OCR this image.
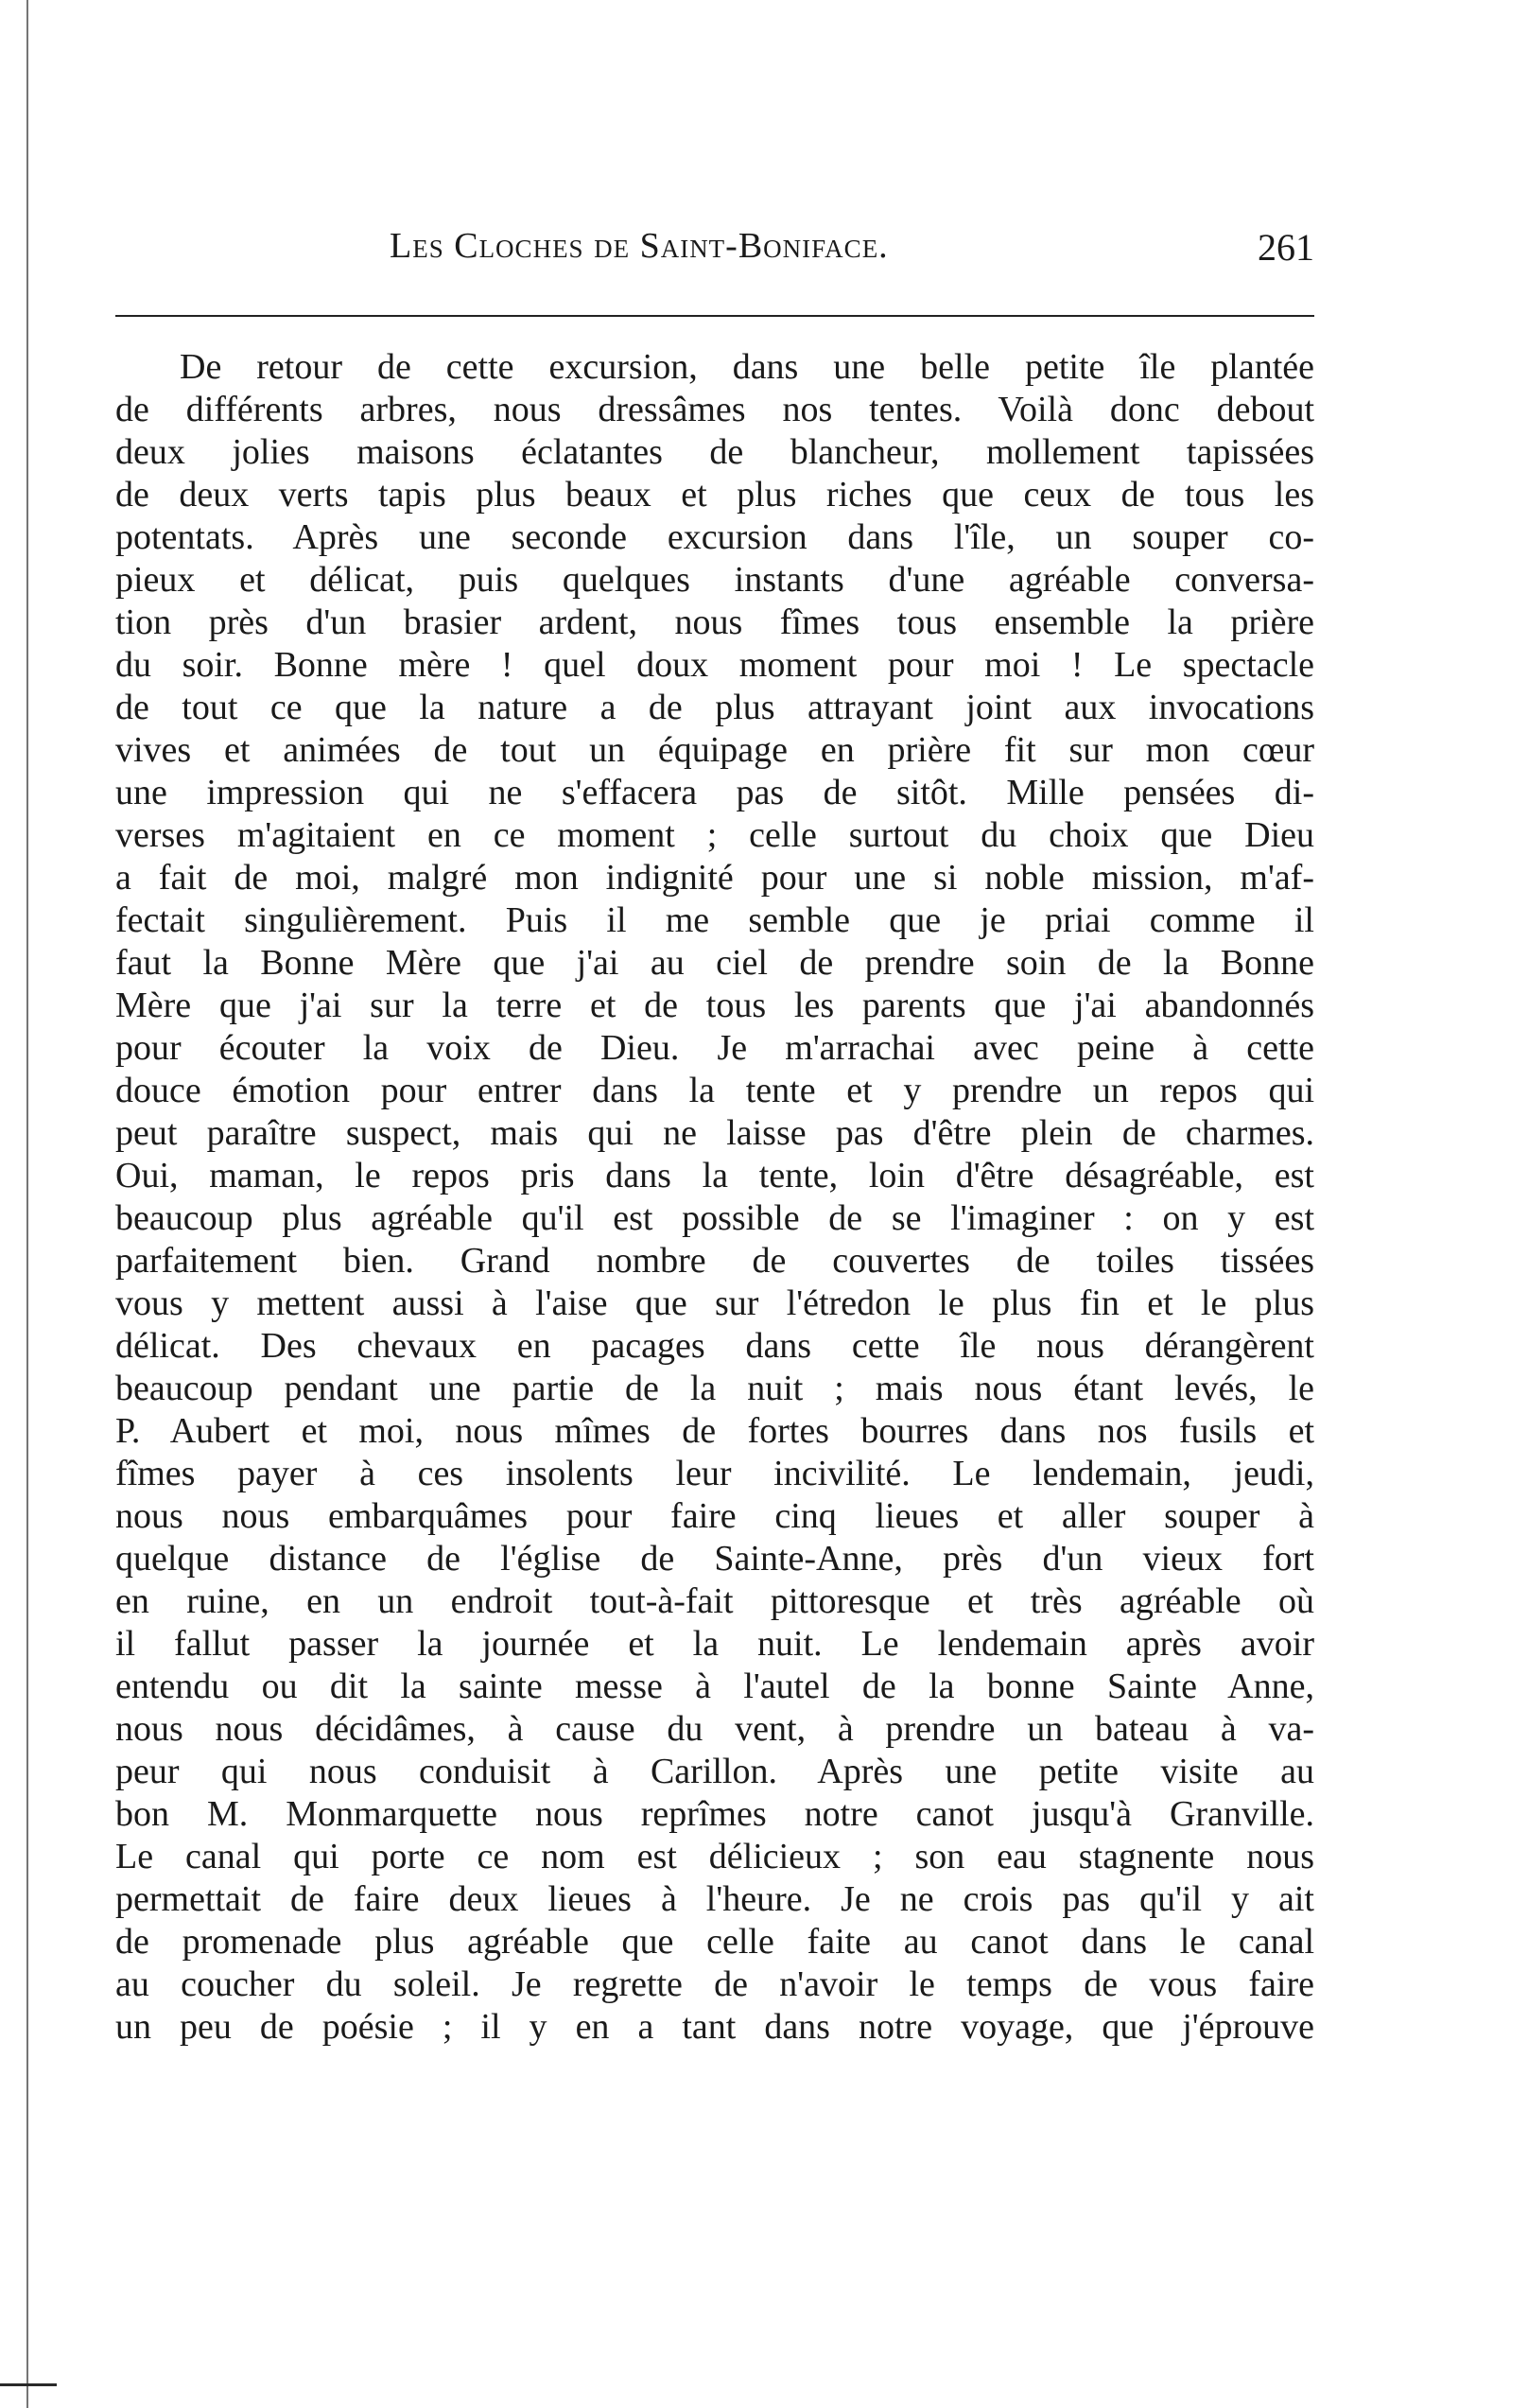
Les Cloches de Saint-Boniface.	261
De retour de cette excursion, dans une belle petite île plantée
de différents arbres, nous dressâmes nos tentes. Voilà donc debout
deux jolies maisons éclatantes de blancheur, mollement tapissées
de deux verts tapis plus beaux et plus riches que ceux de tous les
potentats. Après une seconde excursion dans l'île, un souper co-
pieux et délicat, puis quelques instants d'une agréable conversa-
tion près d'un brasier ardent, nous fîmes tous ensemble la prière
du soir. Bonne mère ! quel doux moment pour moi ! Le spectacle
de tout ce que la nature a de plus attrayant joint aux invocations
vives et animées de tout un équipage en prière fit sur mon cœur
une impression qui ne s'effacera pas de sitôt. Mille pensées di-
verses m'agitaient en ce moment ; celle surtout du choix que Dieu
a fait de moi, malgré mon indignité pour une si noble mission, m'af-
fectait singulièrement. Puis il me semble que je priai comme il
faut la Bonne Mère que j'ai au ciel de prendre soin de la Bonne
Mère que j'ai sur la terre et de tous les parents que j'ai abandonnés
pour écouter la voix de Dieu. Je m'arrachai avec peine à cette
douce émotion pour entrer dans la tente et y prendre un repos qui
peut paraître suspect, mais qui ne laisse pas d'être plein de charmes.
Oui, maman, le repos pris dans la tente, loin d'être désagréable, est
beaucoup plus agréable qu'il est possible de se l'imaginer : on y est
parfaitement bien. Grand nombre de couvertes de toiles tissées
vous y mettent aussi à l'aise que sur l'étredon le plus fin et le plus
délicat. Des chevaux en pacages dans cette île nous dérangèrent
beaucoup pendant une partie de la nuit ; mais nous étant levés, le
P. Aubert et moi, nous mîmes de fortes bourres dans nos fusils et
fîmes payer à ces insolents leur incivilité. Le lendemain, jeudi,
nous nous embarquâmes pour faire cinq lieues et aller souper à
quelque distance de l'église de Sainte-Anne, près d'un vieux fort
en ruine, en un endroit tout-à-fait pittoresque et très agréable où
il fallut passer la journée et la nuit. Le lendemain après avoir
entendu ou dit la sainte messe à l'autel de la bonne Sainte Anne,
nous nous décidâmes, à cause du vent, à prendre un bateau à va-
peur qui nous conduisit à Carillon. Après une petite visite au
bon M. Monmarquette nous reprîmes notre canot jusqu'à Granville.
Le canal qui porte ce nom est délicieux ; son eau stagnente nous
permettait de faire deux lieues à l'heure. Je ne crois pas qu'il y ait
de promenade plus agréable que celle faite au canot dans le canal
au coucher du soleil. Je regrette de n'avoir le temps de vous faire
un peu de poésie ; il y en a tant dans notre voyage, que j'éprouve
